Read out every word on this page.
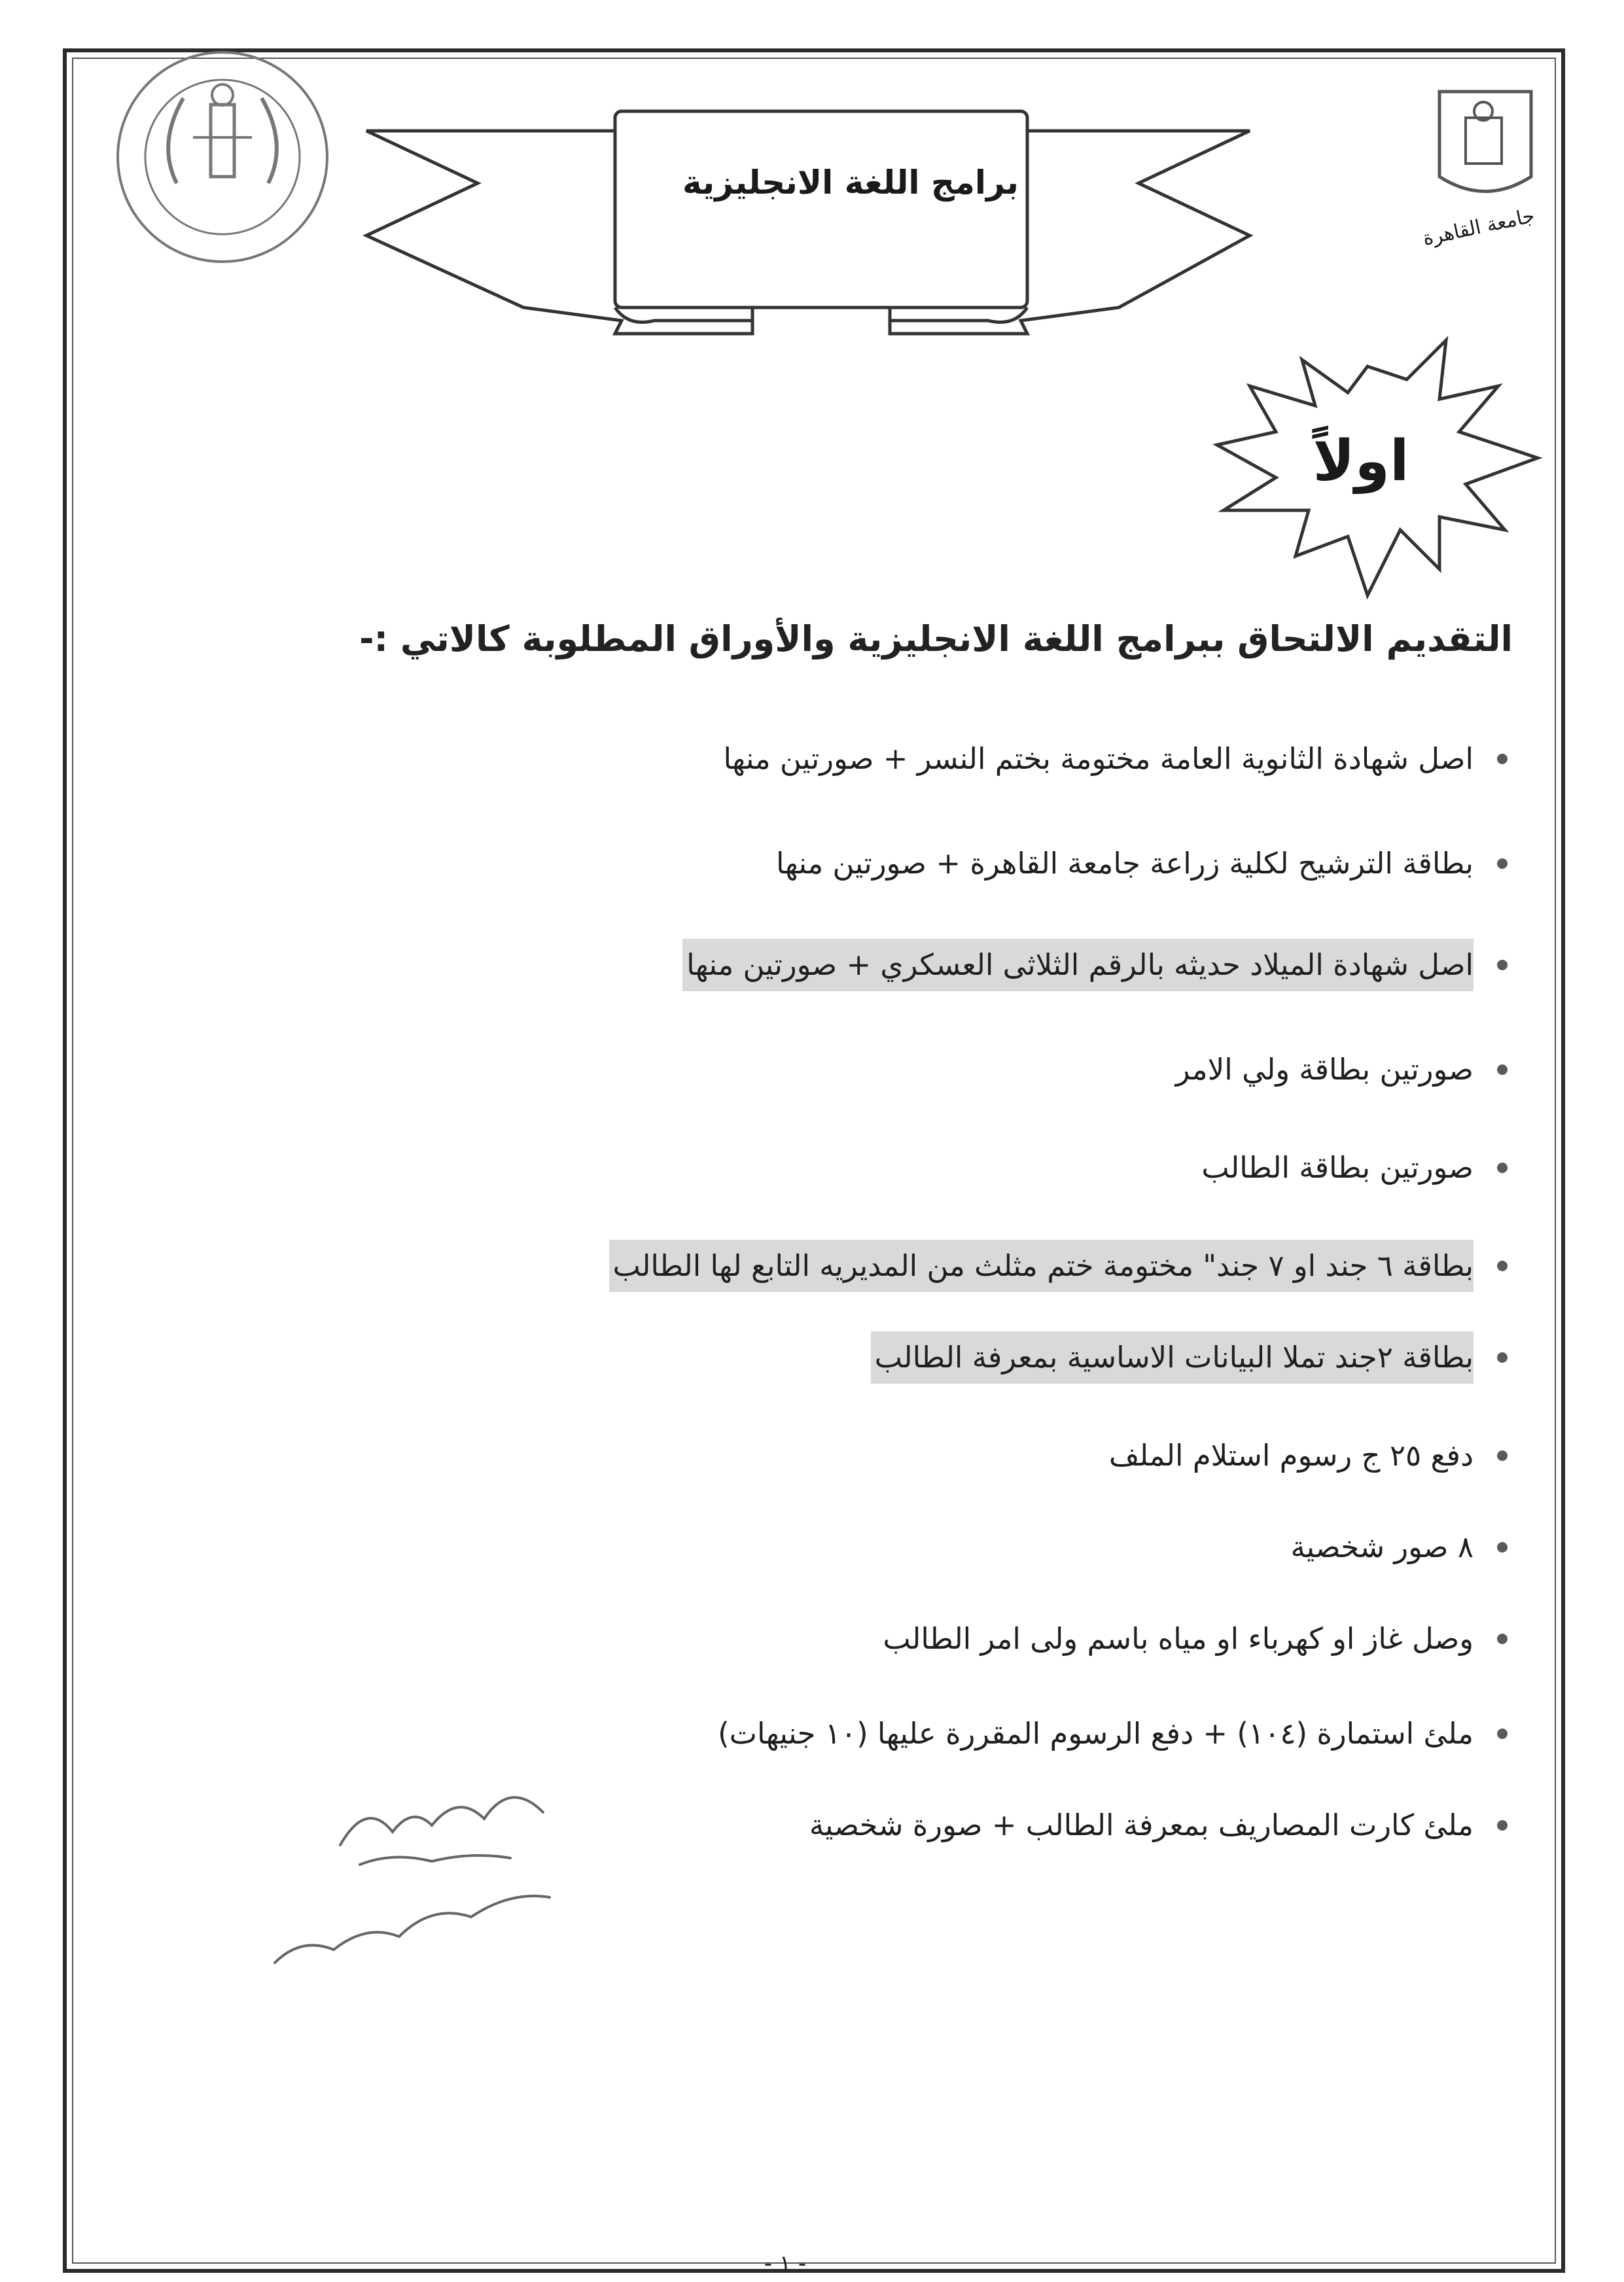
برامج اللغة الانجليزية
اولاً
جامعة القاهرة
التقديم الالتحاق ببرامج اللغة الانجليزية والأوراق المطلوبة كالاتي :-
اصل شهادة الثانوية العامة مختومة بختم النسر + صورتين منها
بطاقة الترشيح لكلية زراعة جامعة القاهرة + صورتين منها
اصل شهادة الميلاد حديثه بالرقم الثلاثى العسكري + صورتين منها
صورتين بطاقة ولي الامر
صورتين بطاقة الطالب
بطاقة ٦ جند او ٧ جند" مختومة ختم مثلث من المديريه التابع لها الطالب
بطاقة ٢جند تملا البيانات الاساسية بمعرفة الطالب
دفع ٢٥ ج رسوم استلام الملف
٨ صور شخصية
وصل غاز او كهرباء او مياه باسم ولى امر الطالب
ملئ استمارة (١٠٤) + دفع الرسوم المقررة عليها (١٠ جنيهات)
ملئ كارت المصاريف بمعرفة الطالب + صورة شخصية
- ١ -
